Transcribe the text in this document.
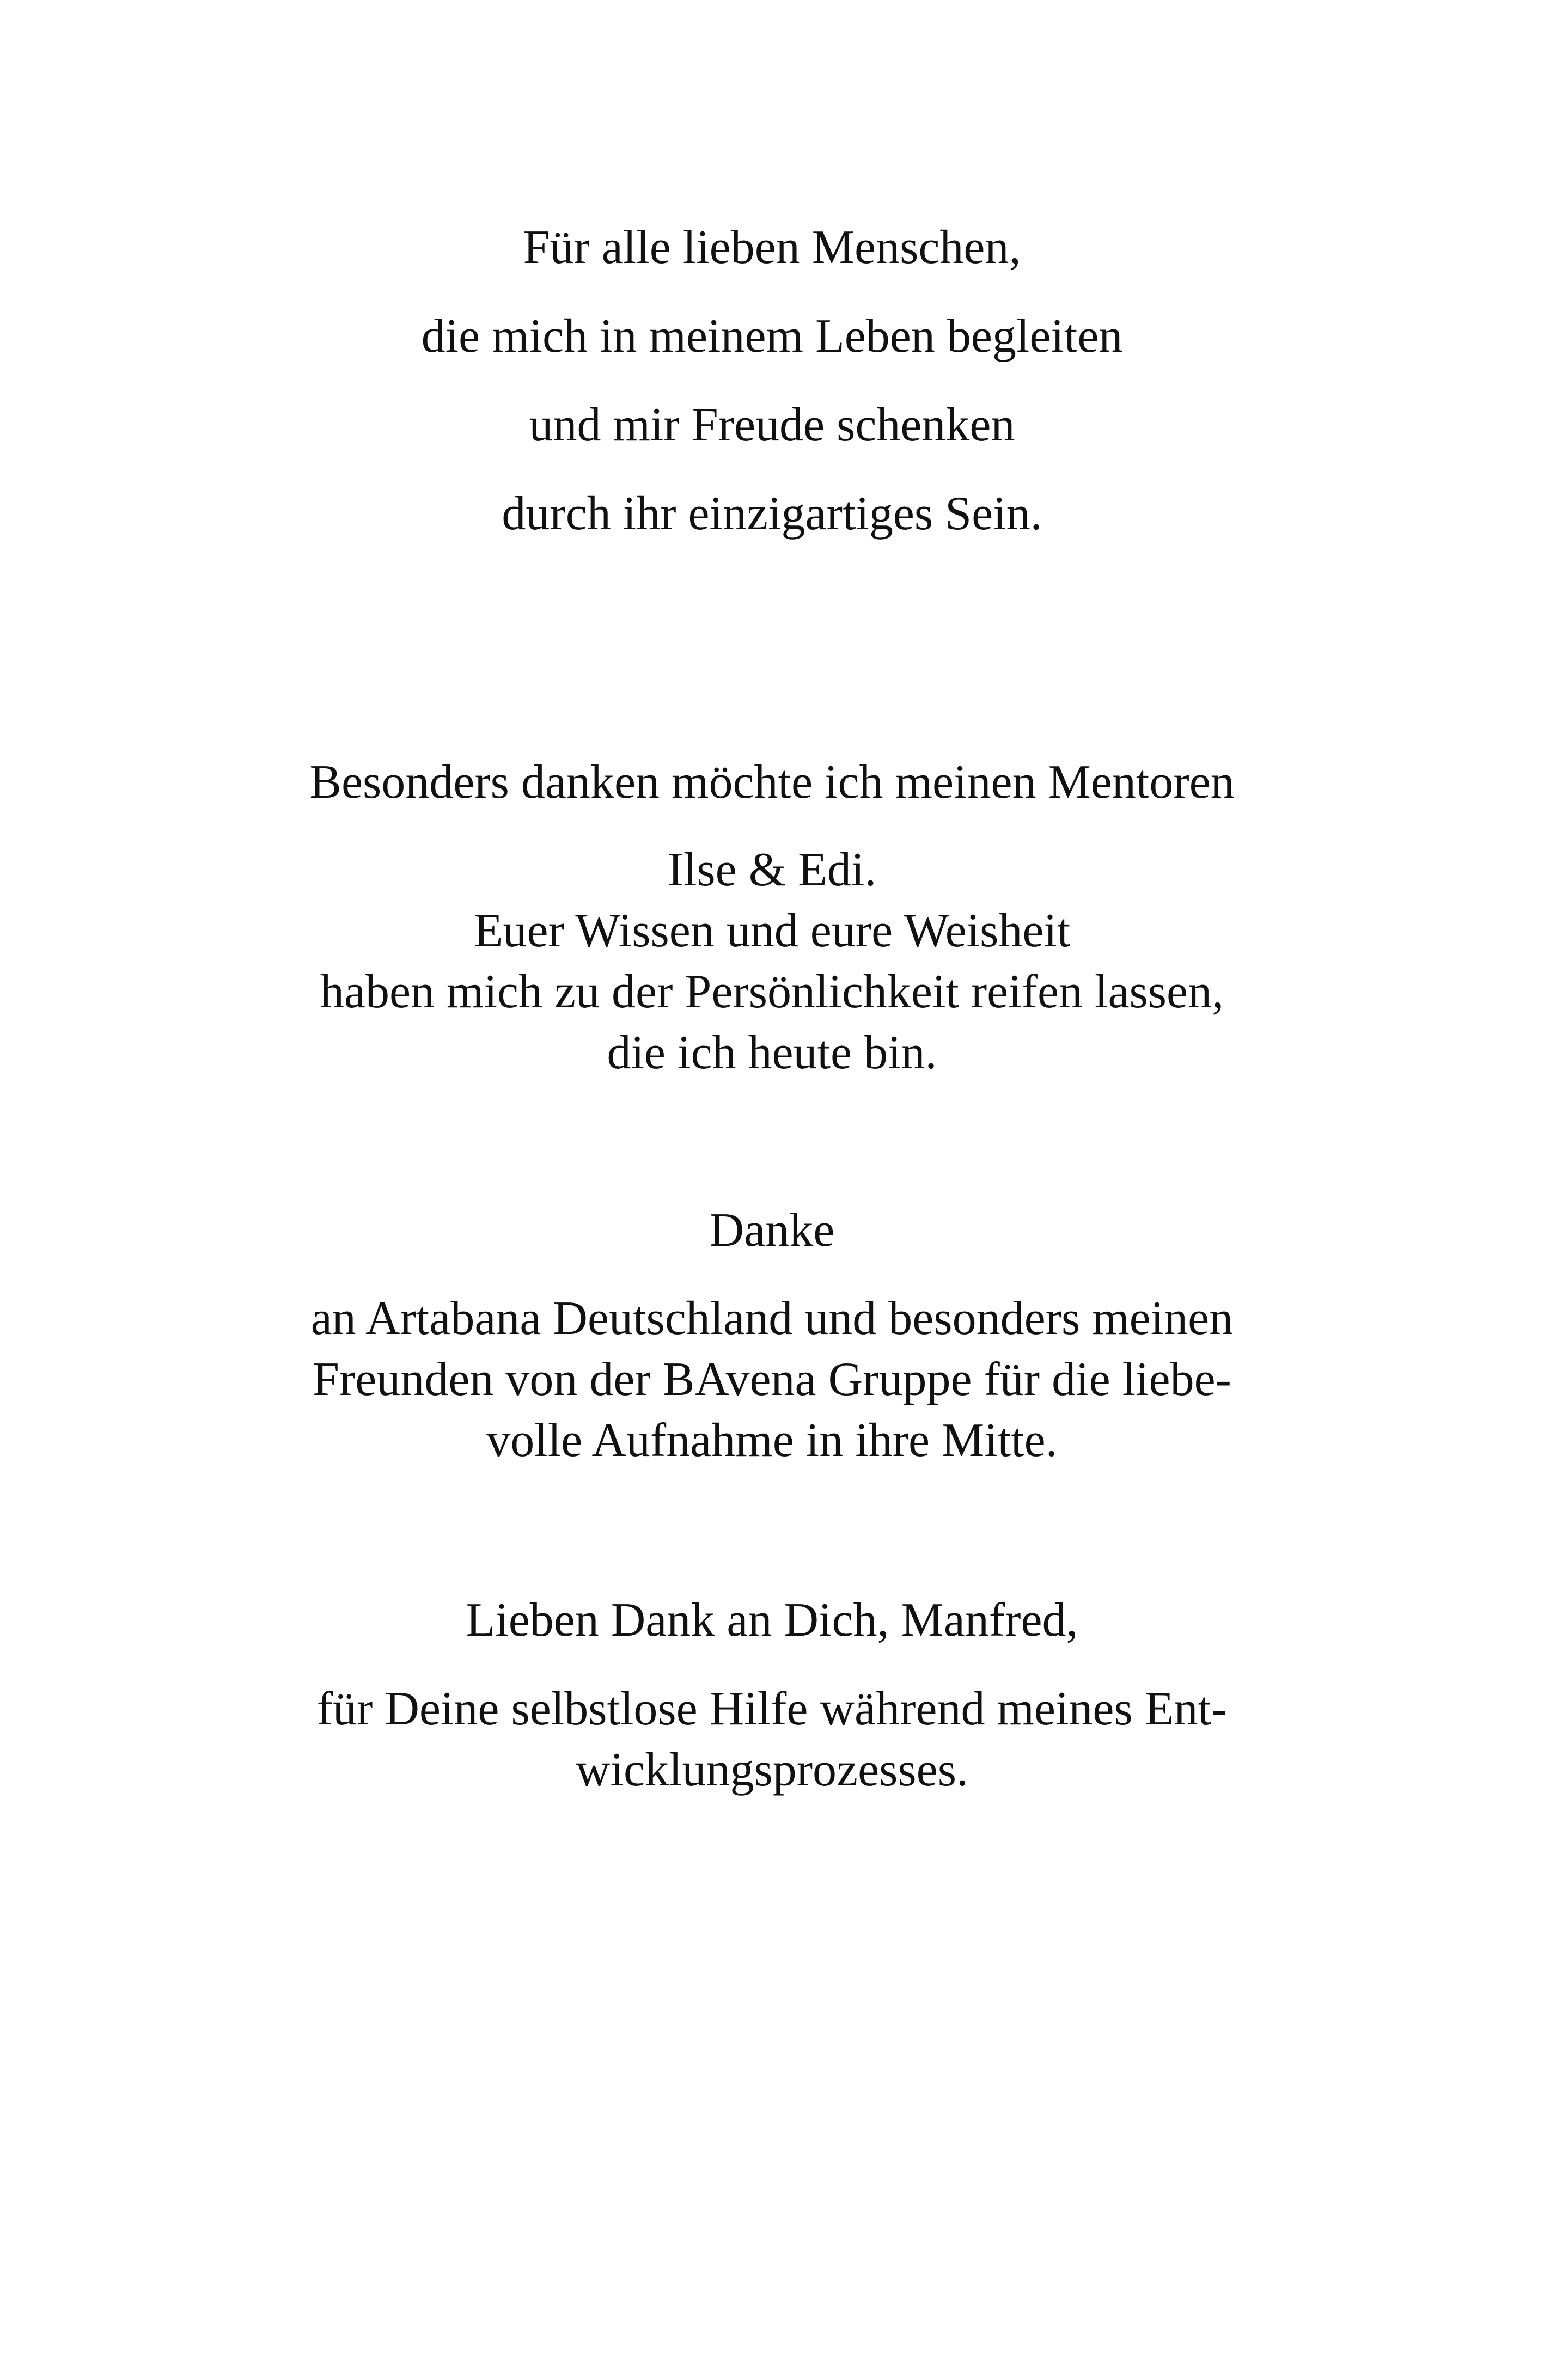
Für alle lieben Menschen,

die mich in meinem Leben begleiten

und mir Freude schenken

durch ihr einzigartiges Sein.

Besonders danken möchte ich meinen Mentoren

Ilse & Edi.

Euer Wissen und eure Weisheit

haben mich zu der Persönlichkeit reifen lassen,

die ich heute bin.

Danke

an Artabana Deutschland und besonders meinen

Freunden von der BAvena Gruppe für die liebe-

volle Aufnahme in ihre Mitte.

Lieben Dank an Dich, Manfred,

für Deine selbstlose Hilfe während meines Ent-

wicklungsprozesses.
